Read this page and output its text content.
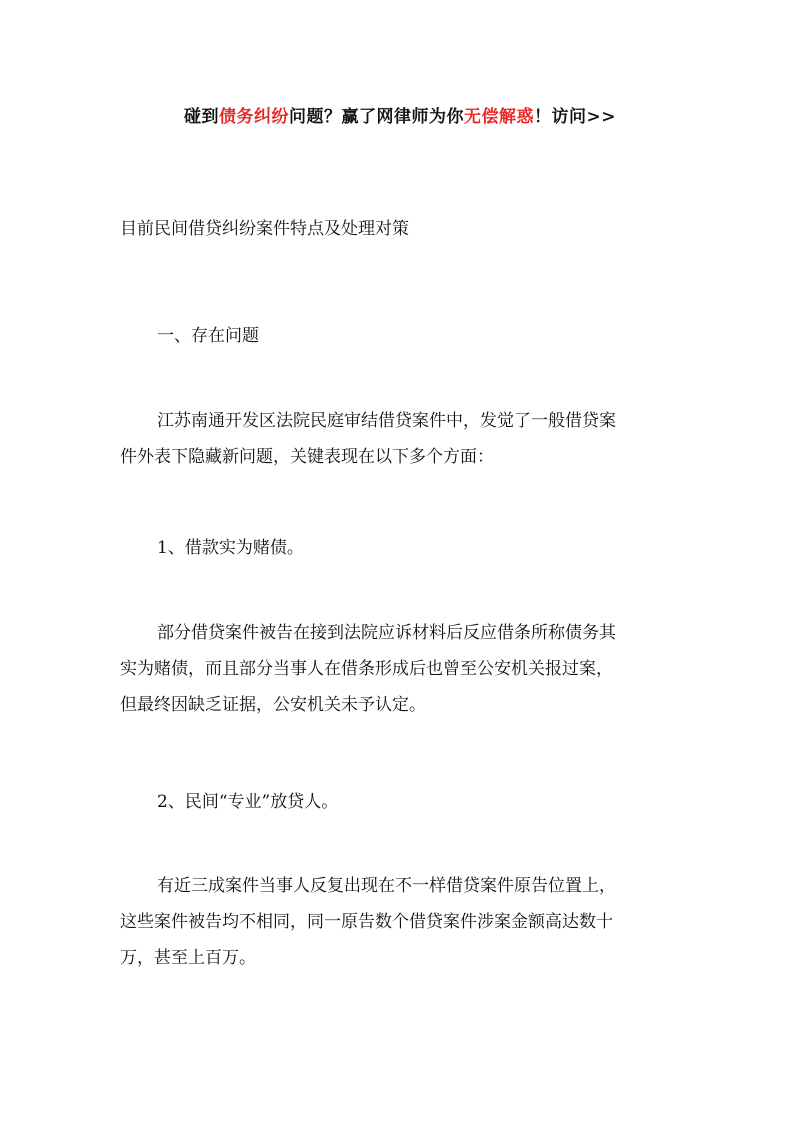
碰到债务纠纷问题？赢了网律师为你无偿解惑！访问>>
目前民间借贷纠纷案件特点及处理对策

一、存在问题

江苏南通开发区法院民庭审结借贷案件中，发觉了一般借贷案
件外表下隐藏新问题，关键表现在以下多个方面：

1、借款实为赌债。

部分借贷案件被告在接到法院应诉材料后反应借条所称债务其
实为赌债，而且部分当事人在借条形成后也曾至公安机关报过案，
但最终因缺乏证据，公安机关未予认定。

2、民间“专业”放贷人。

有近三成案件当事人反复出现在不一样借贷案件原告位置上，
这些案件被告均不相同，同一原告数个借贷案件涉案金额高达数十
万，甚至上百万。
